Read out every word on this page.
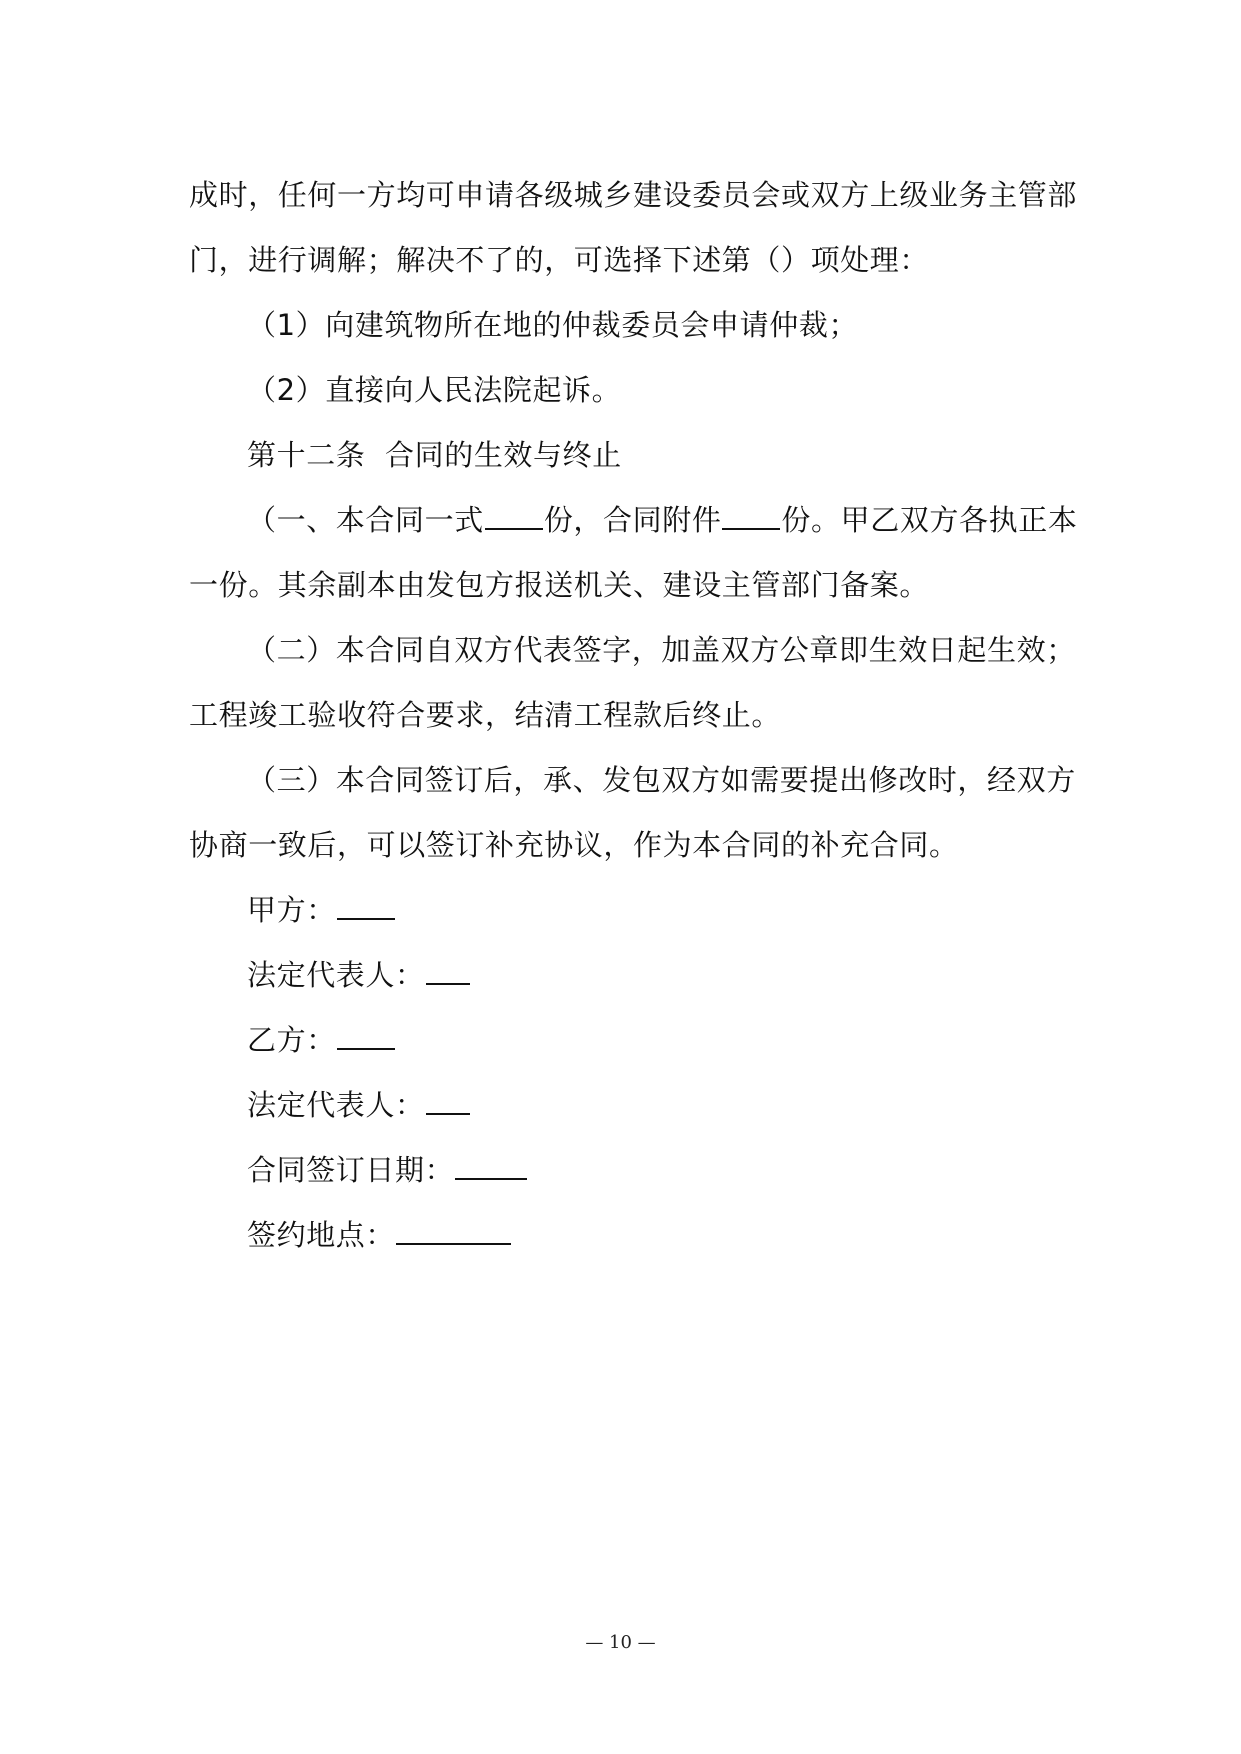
成时，任何一方均可申请各级城乡建设委员会或双方上级业务主管部
门，进行调解；解决不了的，可选择下述第（）项处理：
（1）向建筑物所在地的仲裁委员会申请仲裁；
（2）直接向人民法院起诉。
第十二条  合同的生效与终止
（一、本合同一式 份，合同附件 份。甲乙双方各执正本
一份。其余副本由发包方报送机关、建设主管部门备案。
（二）本合同自双方代表签字，加盖双方公章即生效日起生效；
工程竣工验收符合要求，结清工程款后终止。
（三）本合同签订后，承、发包双方如需要提出修改时，经双方
协商一致后，可以签订补充协议，作为本合同的补充合同。
甲方：
法定代表人：
乙方：
法定代表人：
合同签订日期：
签约地点：
— 10 —
